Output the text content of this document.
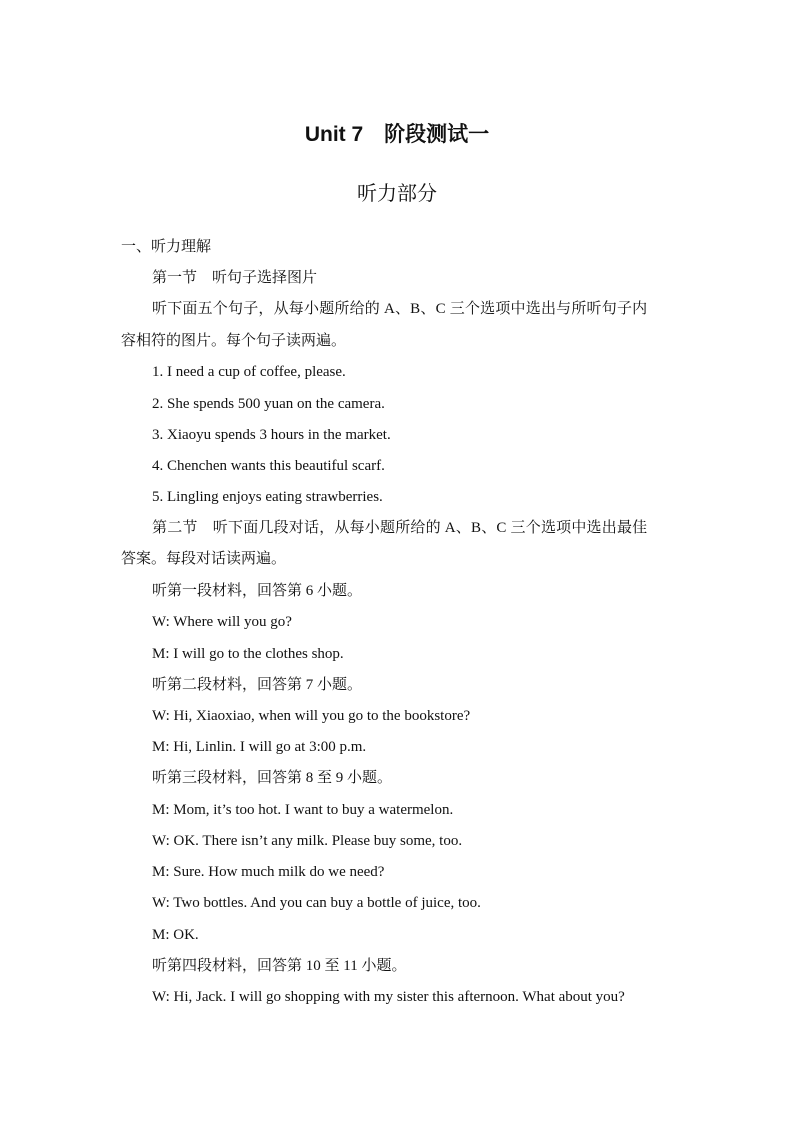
Unit 7　阶段测试一
听力部分
一、听力理解
第一节　听句子选择图片
听下面五个句子，从每小题所给的 A、B、C 三个选项中选出与所听句子内
容相符的图片。每个句子读两遍。
1. I need a cup of coffee, please.
2. She spends 500 yuan on the camera.
3. Xiaoyu spends 3 hours in the market.
4. Chenchen wants this beautiful scarf.
5. Lingling enjoys eating strawberries.
第二节　听下面几段对话，从每小题所给的 A、B、C 三个选项中选出最佳
答案。每段对话读两遍。
听第一段材料，回答第 6 小题。
W: Where will you go?
M: I will go to the clothes shop.
听第二段材料，回答第 7 小题。
W: Hi, Xiaoxiao, when will you go to the bookstore?
M: Hi, Linlin. I will go at 3:00 p.m.
听第三段材料，回答第 8 至 9 小题。
M: Mom, it’s too hot. I want to buy a watermelon.
W: OK. There isn’t any milk. Please buy some, too.
M: Sure. How much milk do we need?
W: Two bottles. And you can buy a bottle of juice, too.
M: OK.
听第四段材料，回答第 10 至 11 小题。
W: Hi, Jack. I will go shopping with my sister this afternoon. What about you?
